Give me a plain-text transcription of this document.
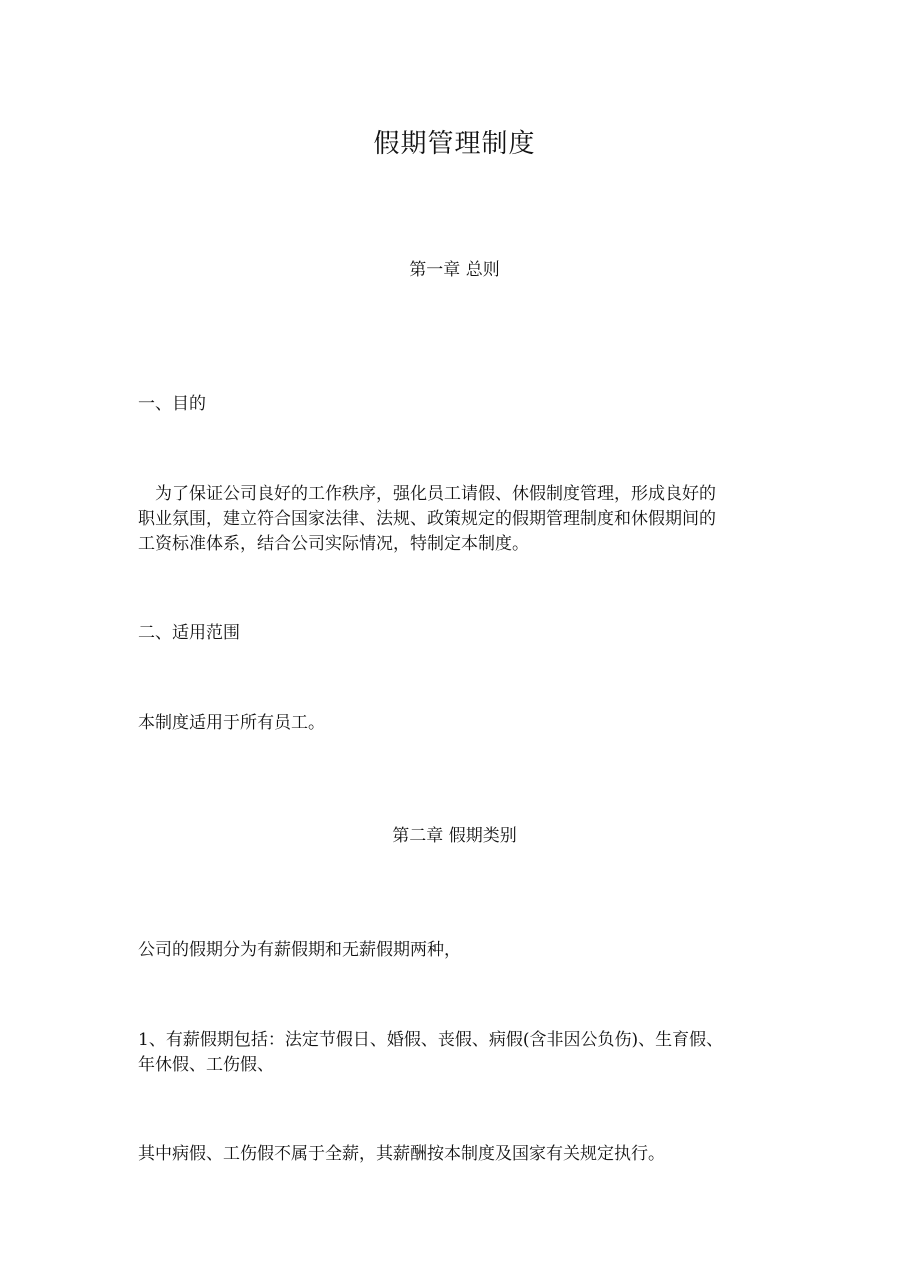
假期管理制度
第一章 总则
一、目的
　为了保证公司良好的工作秩序，强化员工请假、休假制度管理，形成良好的
职业氛围，建立符合国家法律、法规、政策规定的假期管理制度和休假期间的
工资标准体系，结合公司实际情况，特制定本制度。
二、适用范围
本制度适用于所有员工。
第二章 假期类别
公司的假期分为有薪假期和无薪假期两种，
1、有薪假期包括：法定节假日、婚假、丧假、病假(含非因公负伤)、生育假、
年休假、工伤假、
其中病假、工伤假不属于全薪，其薪酬按本制度及国家有关规定执行。
